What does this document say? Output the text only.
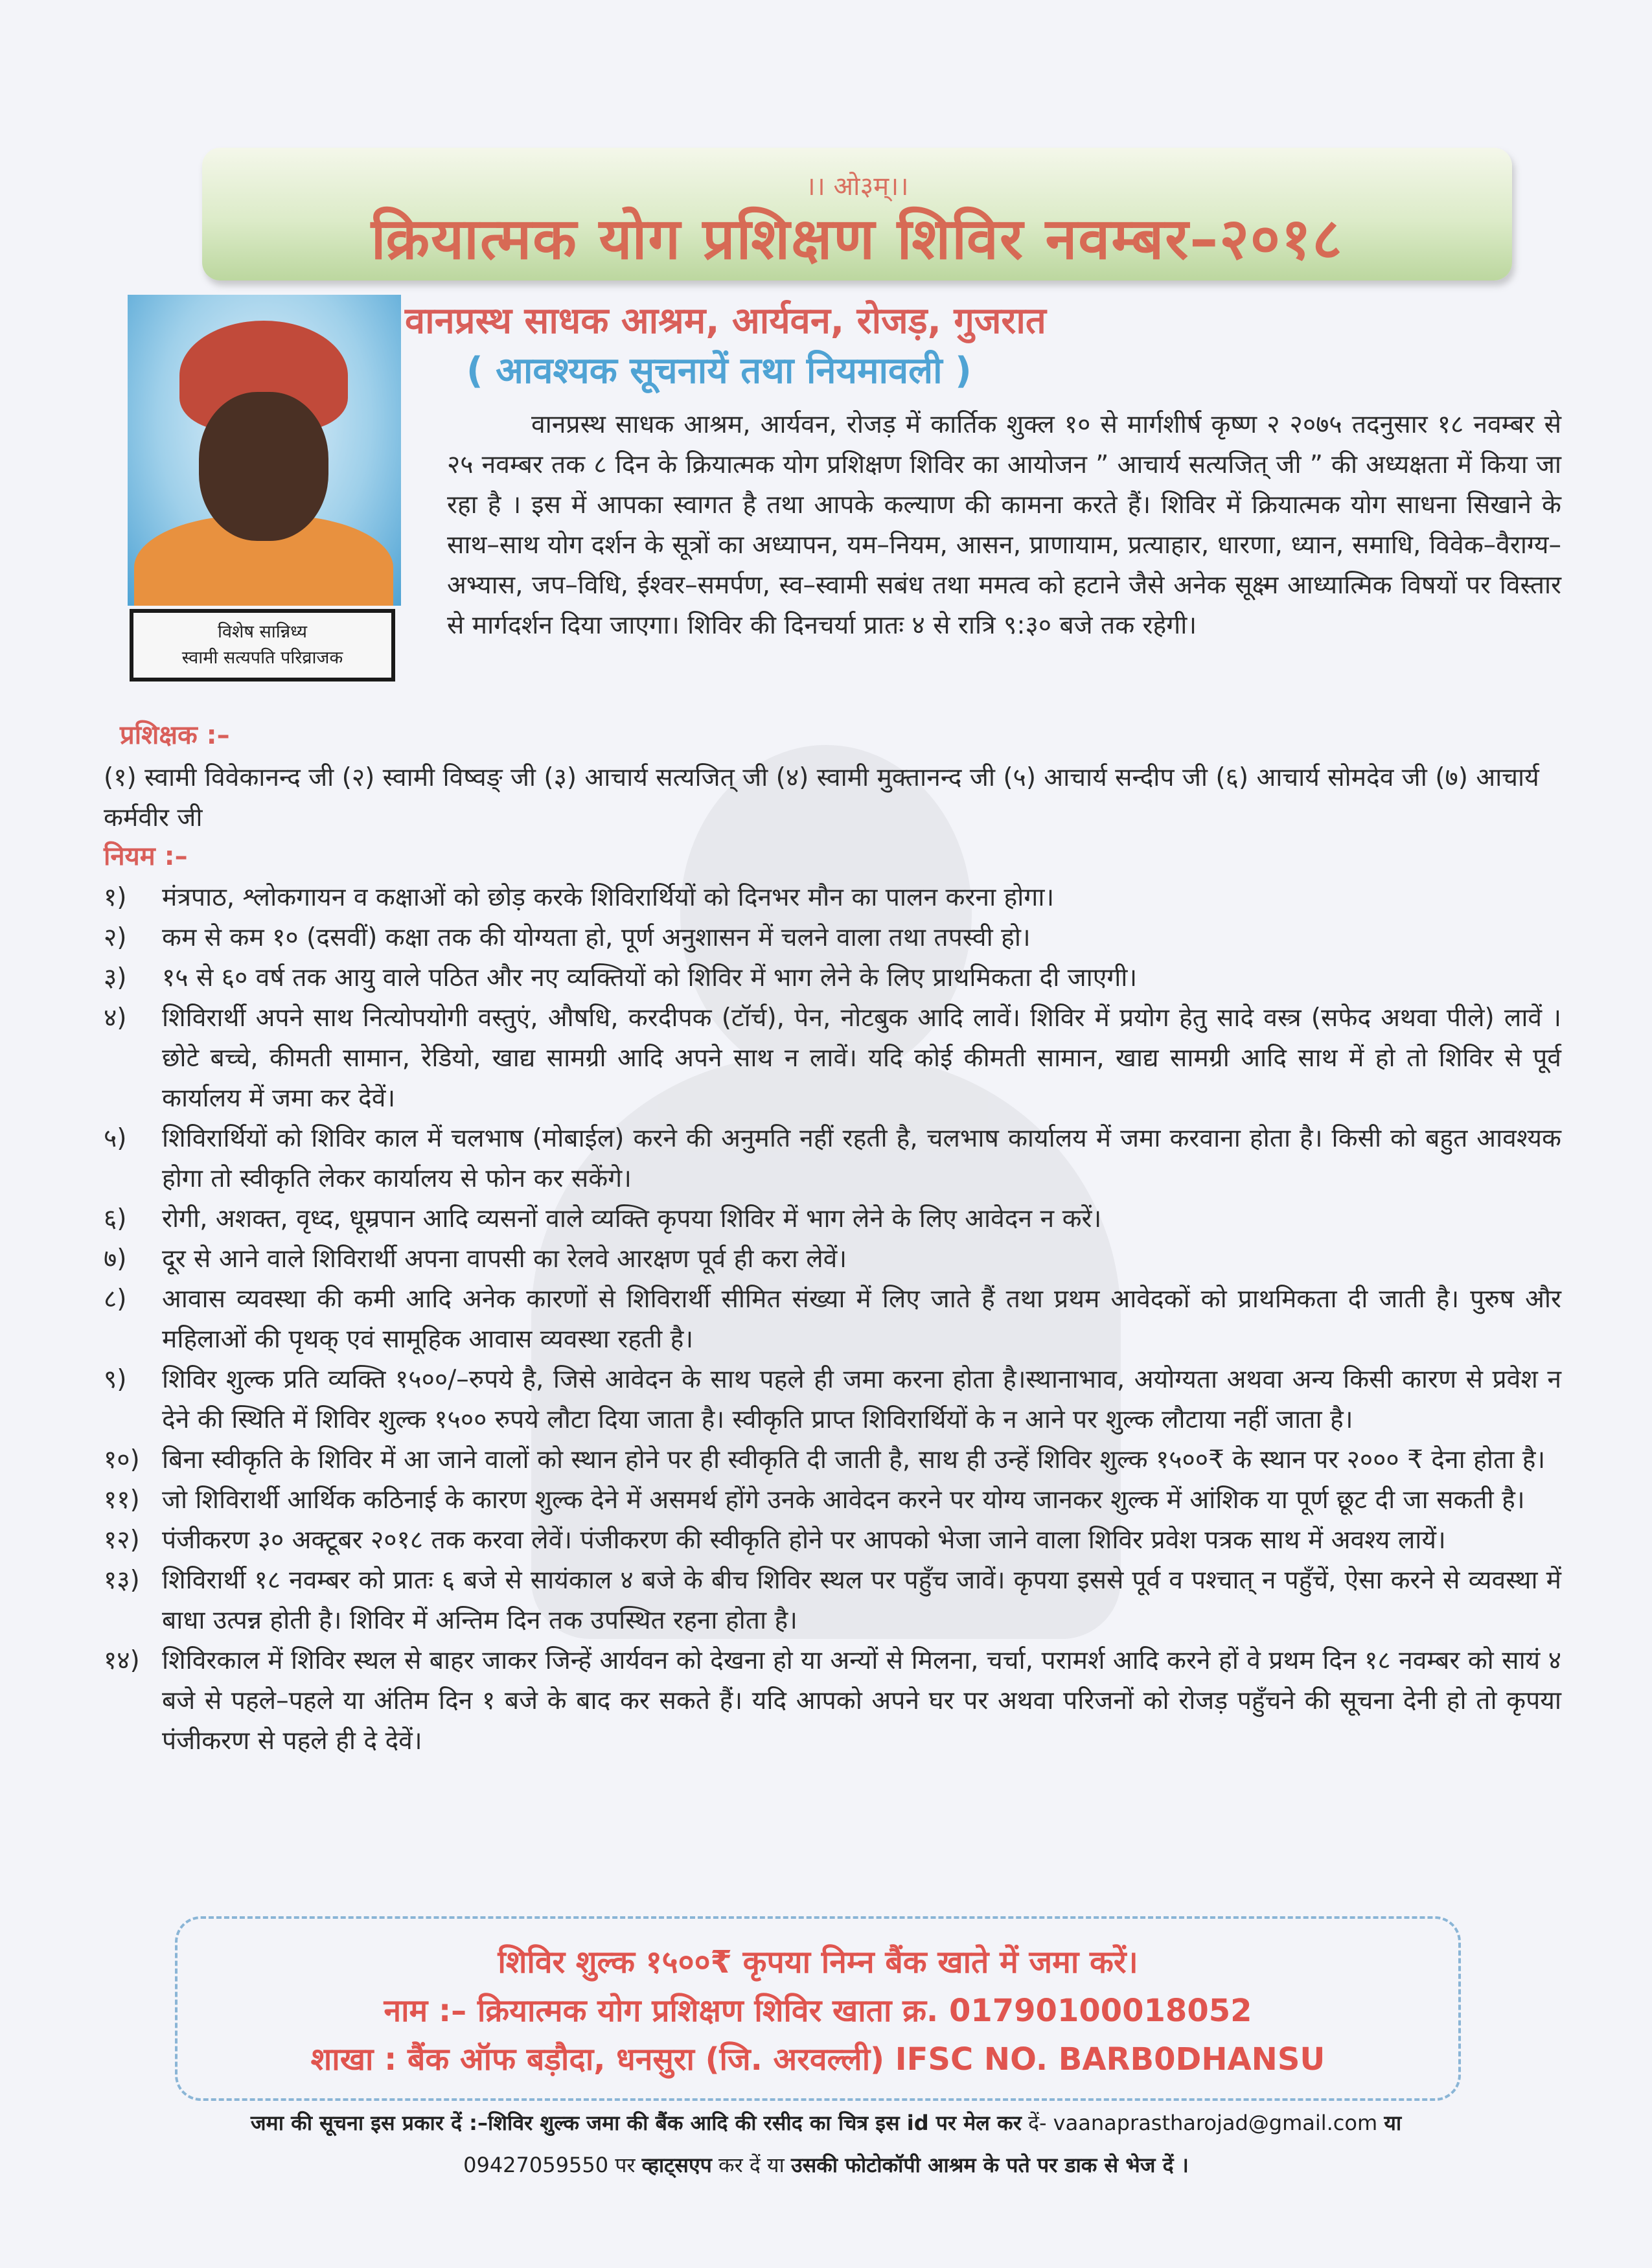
।। ओ३म्।।
क्रियात्मक योग प्रशिक्षण शिविर नवम्बर–२०१८
विशेष सान्निध्य
स्वामी सत्यपति परिव्राजक
वानप्रस्थ साधक आश्रम, आर्यवन, रोजड़, गुजरात
( आवश्यक सूचनायें तथा नियमावली )

वानप्रस्थ साधक आश्रम, आर्यवन, रोजड़ में कार्तिक शुक्ल १० से मार्गशीर्ष कृष्ण २ २०७५ तदनुसार १८ नवम्बर से २५ नवम्बर तक ८ दिन के क्रियात्मक योग प्रशिक्षण शिविर का आयोजन ” आचार्य सत्यजित् जी ” की अध्यक्षता में किया जा रहा है । इस में आपका स्वागत है तथा आपके कल्याण की कामना करते हैं। शिविर में क्रियात्मक योग साधना सिखाने के साथ–साथ योग दर्शन के सूत्रों का अध्यापन, यम–नियम, आसन, प्राणायाम, प्रत्याहार, धारणा, ध्यान, समाधि, विवेक–वैराग्य–अभ्यास, जप–विधि, ईश्वर–समर्पण, स्व–स्वामी सबंध तथा ममत्व को हटाने जैसे अनेक सूक्ष्म आध्यात्मिक विषयों पर विस्तार से मार्गदर्शन दिया जाएगा। शिविर की दिनचर्या प्रातः ४ से रात्रि ९:३० बजे तक रहेगी।

प्रशिक्षक :–

(१) स्वामी विवेकानन्द जी (२) स्वामी विष्वङ् जी (३) आचार्य सत्यजित् जी (४) स्वामी मुक्तानन्द जी (५) आचार्य सन्दीप जी (६) आचार्य सोमदेव जी (७) आचार्य कर्मवीर जी

नियम :–
१) मंत्रपाठ, श्लोकगायन व कक्षाओं को छोड़ करके शिविरार्थियों को दिनभर मौन का पालन करना होगा।
२) कम से कम १० (दसवीं) कक्षा तक की योग्यता हो, पूर्ण अनुशासन में चलने वाला तथा तपस्वी हो।
३) १५ से ६० वर्ष तक आयु वाले पठित और नए व्यक्तियों को शिविर में भाग लेने के लिए प्राथमिकता दी जाएगी।
४) शिविरार्थी अपने साथ नित्योपयोगी वस्तुएं, औषधि, करदीपक (टॉर्च), पेन, नोटबुक आदि लावें। शिविर में प्रयोग हेतु सादे वस्त्र (सफेद अथवा पीले) लावें । छोटे बच्चे, कीमती सामान, रेडियो, खाद्य सामग्री आदि अपने साथ न लावें। यदि कोई कीमती सामान, खाद्य सामग्री आदि साथ में हो तो शिविर से पूर्व कार्यालय में जमा कर देवें।
५) शिविरार्थियों को शिविर काल में चलभाष (मोबाईल) करने की अनुमति नहीं रहती है, चलभाष कार्यालय में जमा करवाना होता है। किसी को बहुत आवश्यक होगा तो स्वीकृति लेकर कार्यालय से फोन कर सकेंगे।
६) रोगी, अशक्त, वृध्द, धूम्रपान आदि व्यसनों वाले व्यक्ति कृपया शिविर में भाग लेने के लिए आवेदन न करें।
७) दूर से आने वाले शिविरार्थी अपना वापसी का रेलवे आरक्षण पूर्व ही करा लेवें।
८) आवास व्यवस्था की कमी आदि अनेक कारणों से शिविरार्थी सीमित संख्या में लिए जाते हैं तथा प्रथम आवेदकों को प्राथमिकता दी जाती है। पुरुष और महिलाओं की पृथक् एवं सामूहिक आवास व्यवस्था रहती है।
९) शिविर शुल्क प्रति व्यक्ति १५००/–रुपये है, जिसे आवेदन के साथ पहले ही जमा करना होता है।स्थानाभाव, अयोग्यता अथवा अन्य किसी कारण से प्रवेश न देने की स्थिति में शिविर शुल्क १५०० रुपये लौटा दिया जाता है। स्वीकृति प्राप्त शिविरार्थियों के न आने पर शुल्क लौटाया नहीं जाता है।
१०) बिना स्वीकृति के शिविर में आ जाने वालों को स्थान होने पर ही स्वीकृति दी जाती है, साथ ही उन्हें शिविर शुल्क १५००₹ के स्थान पर २००० ₹ देना होता है।
११) जो शिविरार्थी आर्थिक कठिनाई के कारण शुल्क देने में असमर्थ होंगे उनके आवेदन करने पर योग्य जानकर शुल्क में आंशिक या पूर्ण छूट दी जा सकती है।
१२) पंजीकरण ३० अक्टूबर २०१८ तक करवा लेवें। पंजीकरण की स्वीकृति होने पर आपको भेजा जाने वाला शिविर प्रवेश पत्रक साथ में अवश्य लायें।
१३) शिविरार्थी १८ नवम्बर को प्रातः ६ बजे से सायंकाल ४ बजे के बीच शिविर स्थल पर पहुँच जावें। कृपया इससे पूर्व व पश्चात् न पहुँचें, ऐसा करने से व्यवस्था में बाधा उत्पन्न होती है। शिविर में अन्तिम दिन तक उपस्थित रहना होता है।
१४) शिविरकाल में शिविर स्थल से बाहर जाकर जिन्हें आर्यवन को देखना हो या अन्यों से मिलना, चर्चा, परामर्श आदि करने हों वे प्रथम दिन १८ नवम्बर को सायं ४ बजे से पहले–पहले या अंतिम दिन १ बजे के बाद कर सकते हैं। यदि आपको अपने घर पर अथवा परिजनों को रोजड़ पहुँचने की सूचना देनी हो तो कृपया पंजीकरण से पहले ही दे देवें।
शिविर शुल्क १५००₹ कृपया निम्न बैंक खाते में जमा करें।
नाम :– क्रियात्मक योग प्रशिक्षण शिविर खाता क्र. 01790100018052
शाखा : बैंक ऑफ बड़ौदा, धनसुरा (जि. अरवल्ली) IFSC NO. BARB0DHANSU
जमा की सूचना इस प्रकार दें :–शिविर शुल्क जमा की बैंक आदि की रसीद का चित्र इस id पर मेल कर दें- vaanaprastharojad@gmail.com या
09427059550 पर व्हाट्सएप कर दें या उसकी फोटोकॉपी आश्रम के पते पर डाक से भेज दें ।
